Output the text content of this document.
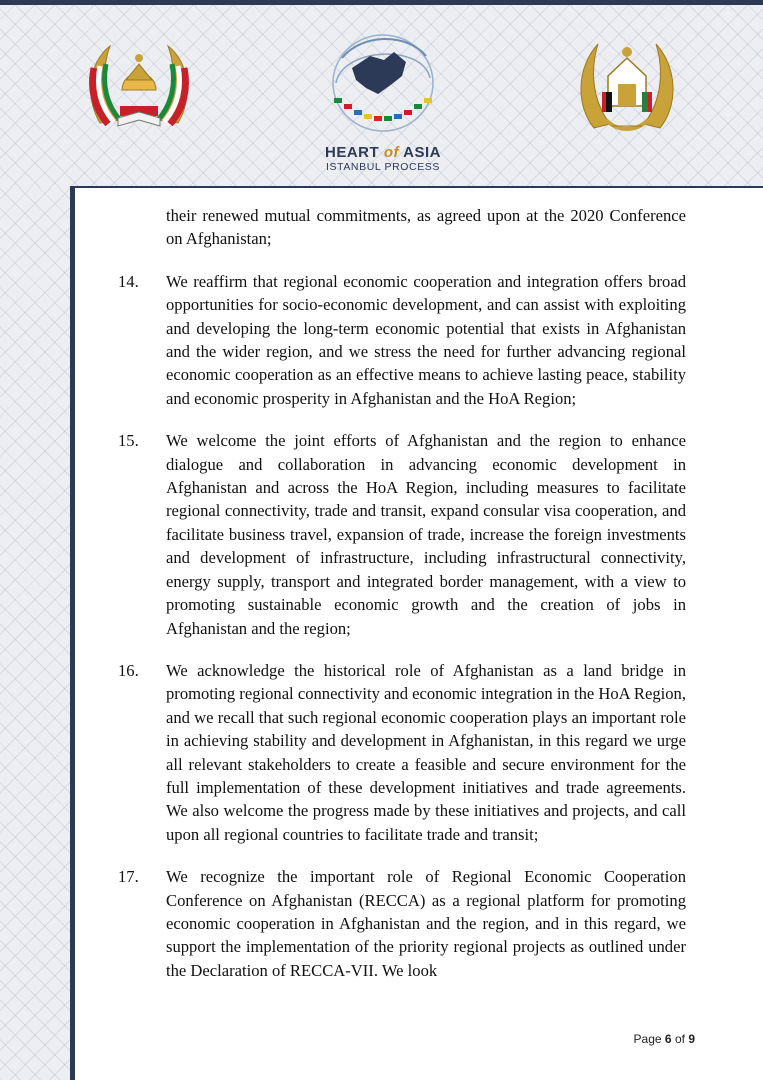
HEART of ASIA
ISTANBUL PROCESS
their renewed mutual commitments, as agreed upon at the 2020 Conference on Afghanistan;
14.	We reaffirm that regional economic cooperation and integration offers broad opportunities for socio-economic development, and can assist with exploiting and developing the long-term economic potential that exists in Afghanistan and the wider region, and we stress the need for further advancing regional economic cooperation as an effective means to achieve lasting peace, stability and economic prosperity in Afghanistan and the HoA Region;
15.	We welcome the joint efforts of Afghanistan and the region to enhance dialogue and collaboration in advancing economic development in Afghanistan and across the HoA Region, including measures to facilitate regional connectivity, trade and transit, expand consular visa cooperation, and facilitate business travel, expansion of trade, increase the foreign investments and development of infrastructure, including infrastructural connectivity, energy supply, transport and integrated border management, with a view to promoting sustainable economic growth and the creation of jobs in Afghanistan and the region;
16.	We acknowledge the historical role of Afghanistan as a land bridge in promoting regional connectivity and economic integration in the HoA Region, and we recall that such regional economic cooperation plays an important role in achieving stability and development in Afghanistan, in this regard we urge all relevant stakeholders to create a feasible and secure environment for the full implementation of these development initiatives and trade agreements. We also welcome the progress made by these initiatives and projects, and call upon all regional countries to facilitate trade and transit;
17.	We recognize the important role of Regional Economic Cooperation Conference on Afghanistan (RECCA) as a regional platform for promoting economic cooperation in Afghanistan and the region, and in this regard, we support the implementation of the priority regional projects as outlined under the Declaration of RECCA-VII. We look
Page 6 of 9
